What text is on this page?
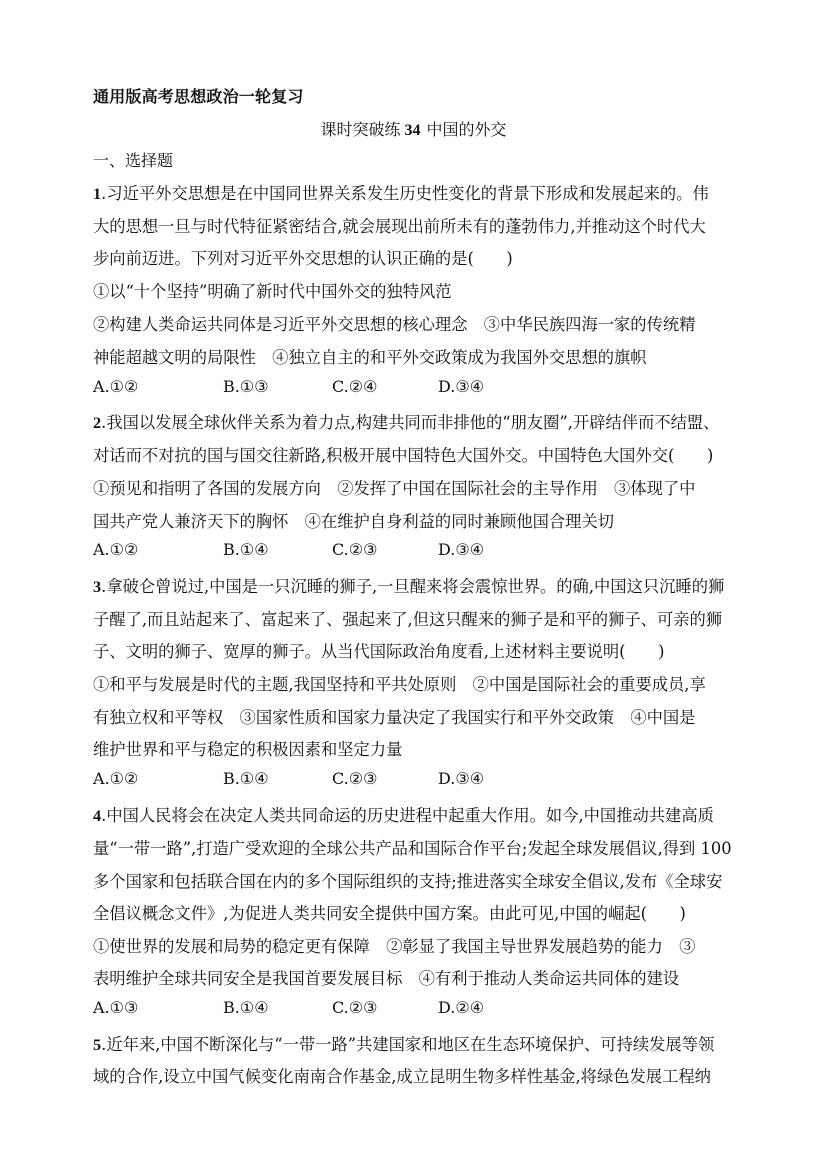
通用版高考思想政治一轮复习
课时突破练 34 中国的外交
一、选择题
1.习近平外交思想是在中国同世界关系发生历史性变化的背景下形成和发展起来的。伟
大的思想一旦与时代特征紧密结合,就会展现出前所未有的蓬勃伟力,并推动这个时代大
步向前迈进。下列对习近平外交思想的认识正确的是(　　)
①以“十个坚持”明确了新时代中国外交的独特风范
②构建人类命运共同体是习近平外交思想的核心理念　③中华民族四海一家的传统精
神能超越文明的局限性　④独立自主的和平外交政策成为我国外交思想的旗帜
A.①②	B.①③	C.②④	D.③④
2.我国以发展全球伙伴关系为着力点,构建共同而非排他的“朋友圈”,开辟结伴而不结盟、
对话而不对抗的国与国交往新路,积极开展中国特色大国外交。中国特色大国外交(　　)
①预见和指明了各国的发展方向　②发挥了中国在国际社会的主导作用　③体现了中
国共产党人兼济天下的胸怀　④在维护自身利益的同时兼顾他国合理关切
A.①②	B.①④	C.②③	D.③④
3.拿破仑曾说过,中国是一只沉睡的狮子,一旦醒来将会震惊世界。的确,中国这只沉睡的狮
子醒了,而且站起来了、富起来了、强起来了,但这只醒来的狮子是和平的狮子、可亲的狮
子、文明的狮子、宽厚的狮子。从当代国际政治角度看,上述材料主要说明(　　)
①和平与发展是时代的主题,我国坚持和平共处原则　②中国是国际社会的重要成员,享
有独立权和平等权　③国家性质和国家力量决定了我国实行和平外交政策　④中国是
维护世界和平与稳定的积极因素和坚定力量
A.①②	B.①④	C.②③	D.③④
4.中国人民将会在决定人类共同命运的历史进程中起重大作用。如今,中国推动共建高质
量“一带一路”,打造广受欢迎的全球公共产品和国际合作平台;发起全球发展倡议,得到 100
多个国家和包括联合国在内的多个国际组织的支持;推进落实全球安全倡议,发布《全球安
全倡议概念文件》,为促进人类共同安全提供中国方案。由此可见,中国的崛起(　　)
①使世界的发展和局势的稳定更有保障　②彰显了我国主导世界发展趋势的能力　③
表明维护全球共同安全是我国首要发展目标　④有利于推动人类命运共同体的建设
A.①③	B.①④	C.②③	D.②④
5.近年来,中国不断深化与“一带一路”共建国家和地区在生态环境保护、可持续发展等领
域的合作,设立中国气候变化南南合作基金,成立昆明生物多样性基金,将绿色发展工程纳
